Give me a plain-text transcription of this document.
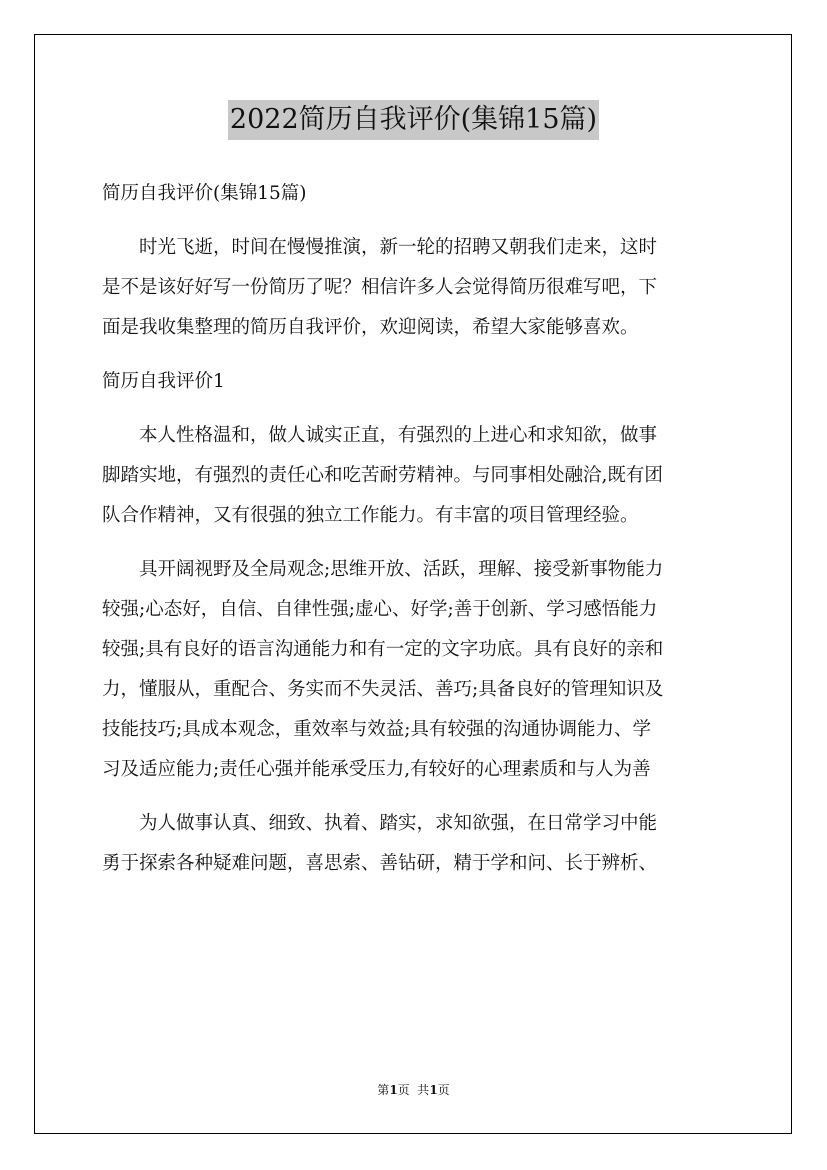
2022简历自我评价(集锦15篇)

简历自我评价(集锦15篇)

　　时光飞逝，时间在慢慢推演，新一轮的招聘又朝我们走来，这时

是不是该好好写一份简历了呢？相信许多人会觉得简历很难写吧，下

面是我收集整理的简历自我评价，欢迎阅读，希望大家能够喜欢。

简历自我评价1

　　本人性格温和，做人诚实正直，有强烈的上进心和求知欲，做事

脚踏实地，有强烈的责任心和吃苦耐劳精神。与同事相处融洽,既有团

队合作精神，又有很强的独立工作能力。有丰富的项目管理经验。

　　具开阔视野及全局观念;思维开放、活跃，理解、接受新事物能力

较强;心态好，自信、自律性强;虚心、好学;善于创新、学习感悟能力

较强;具有良好的语言沟通能力和有一定的文字功底。具有良好的亲和

力，懂服从，重配合、务实而不失灵活、善巧;具备良好的管理知识及

技能技巧;具成本观念，重效率与效益;具有较强的沟通协调能力、学

习及适应能力;责任心强并能承受压力,有较好的心理素质和与人为善

　　为人做事认真、细致、执着、踏实，求知欲强，在日常学习中能

勇于探索各种疑难问题，喜思索、善钻研，精于学和问、长于辨析、

第1页  共1页
